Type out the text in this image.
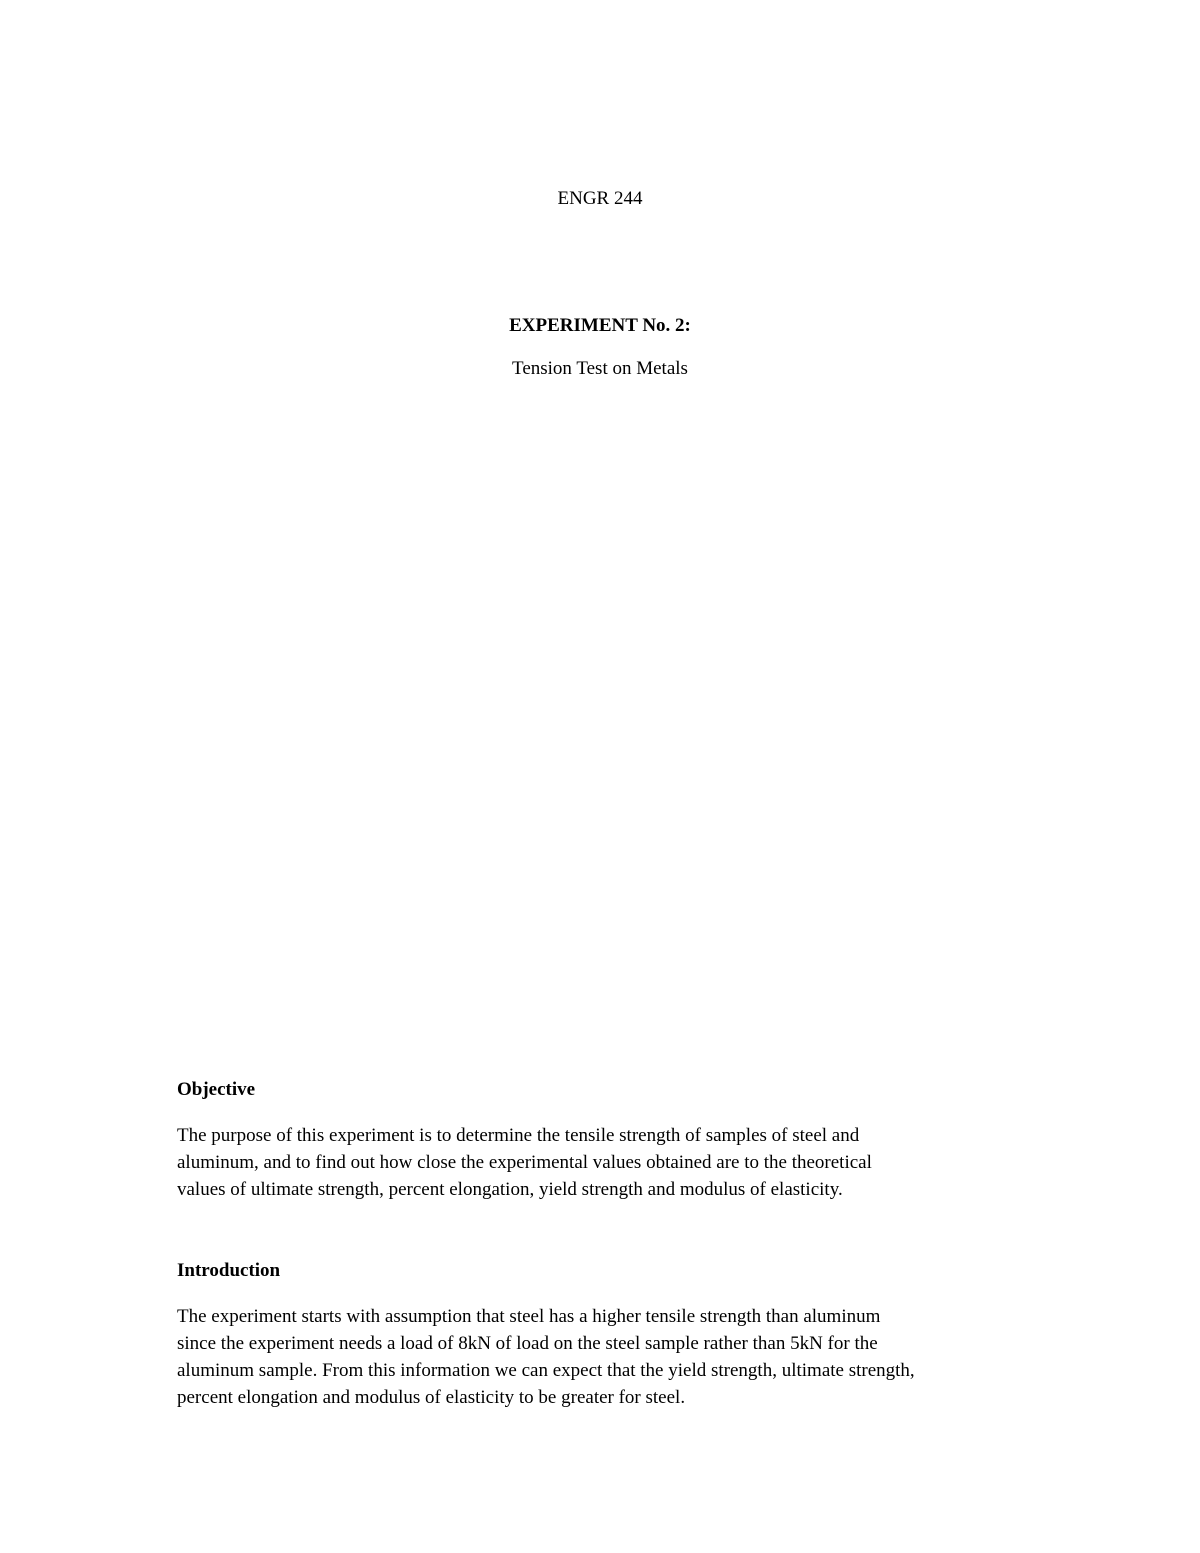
ENGR 244
EXPERIMENT No. 2:
Tension Test on Metals
Objective
The purpose of this experiment is to determine the tensile strength of samples of steel and
aluminum, and to find out how close the experimental values obtained are to the theoretical
values of ultimate strength, percent elongation, yield strength and modulus of elasticity.
Introduction
The experiment starts with assumption that steel has a higher tensile strength than aluminum
since the experiment needs a load of 8kN of load on the steel sample rather than 5kN for the
aluminum sample. From this information we can expect that the yield strength, ultimate strength,
percent elongation and modulus of elasticity to be greater for steel.
